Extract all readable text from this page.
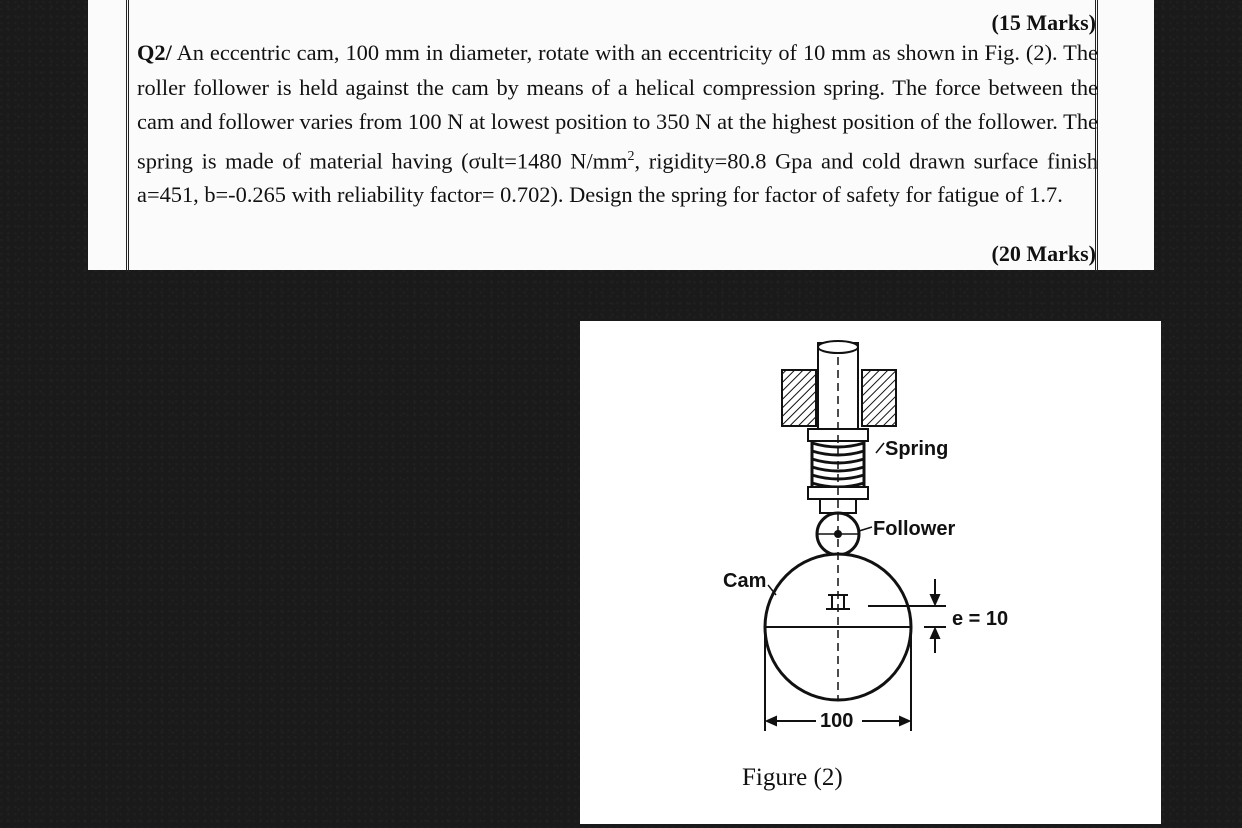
(15 Marks)
Q2/ An eccentric cam, 100 mm in diameter, rotate with an eccentricity of 10 mm as shown in Fig. (2). The roller follower is held against the cam by means of a helical compression spring. The force between the cam and follower varies from 100 N at lowest position to 350 N at the highest position of the follower. The spring is made of material having (σult=1480 $N/mm^2$, rigidity=80.8 Gpa and cold drawn surface finish a=451, b=-0.265 with reliability factor= 0.702). Design the spring for factor of safety for fatigue of 1.7.
(20 Marks)
Spring
Follower
Cam
e = 10
100
Figure (2)
